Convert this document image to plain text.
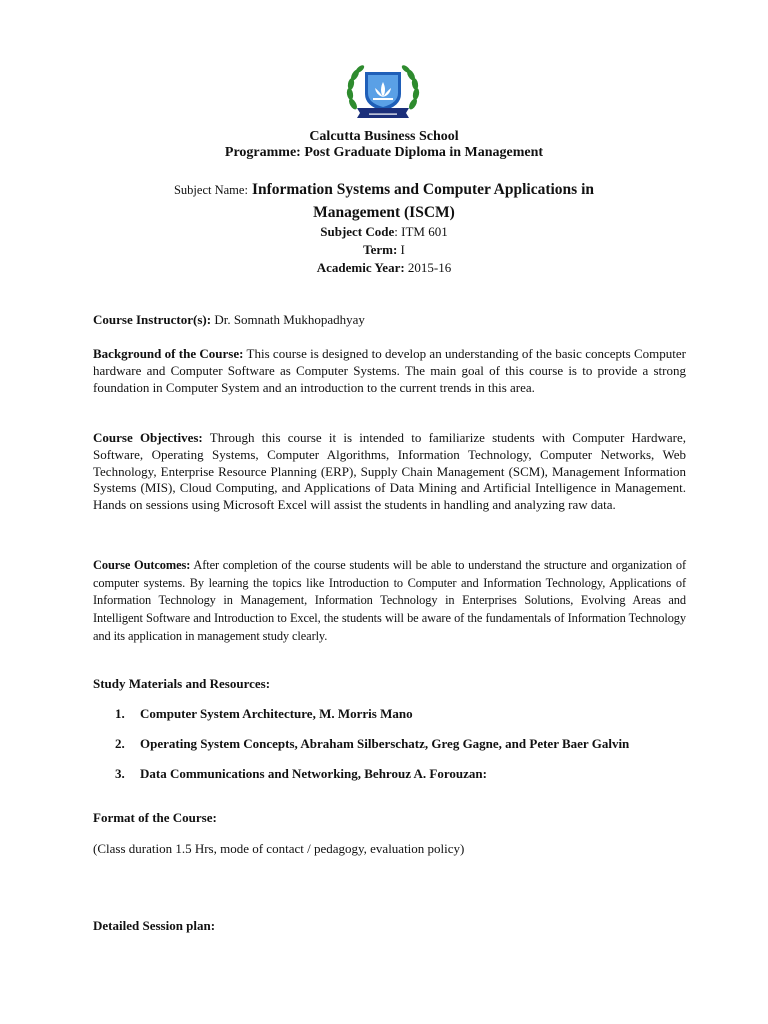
Calcutta Business School
Programme: Post Graduate Diploma in Management
Subject Name: Information Systems and Computer Applications in
Management (ISCM)
Subject Code: ITM 601
Term: I
Academic Year: 2015-16
Course Instructor(s): Dr. Somnath Mukhopadhyay
Background of the Course: This course is designed to develop an understanding of the basic concepts Computer hardware and Computer Software as Computer Systems. The main goal of this course is to provide a strong foundation in Computer System and an introduction to the current trends in this area.
Course Objectives: Through this course it is intended to familiarize students with Computer Hardware, Software, Operating Systems, Computer Algorithms, Information Technology, Computer Networks, Web Technology, Enterprise Resource Planning (ERP), Supply Chain Management (SCM), Management Information Systems (MIS), Cloud Computing, and Applications of Data Mining and Artificial Intelligence in Management. Hands on sessions using Microsoft Excel will assist the students in handling and analyzing raw data.
Course Outcomes: After completion of the course students will be able to understand the structure and organization of computer systems. By learning the topics like Introduction to Computer and Information Technology, Applications of Information Technology in Management, Information Technology in Enterprises Solutions, Evolving Areas and Intelligent Software and Introduction to Excel, the students will be aware of the fundamentals of Information Technology and its application in management study clearly.
Study Materials and Resources:
1. Computer System Architecture, M. Morris Mano
2. Operating System Concepts, Abraham Silberschatz, Greg Gagne, and Peter Baer Galvin
3. Data Communications and Networking, Behrouz A. Forouzan:
Format of the Course:
(Class duration 1.5 Hrs, mode of contact / pedagogy, evaluation policy)
Detailed Session plan:
